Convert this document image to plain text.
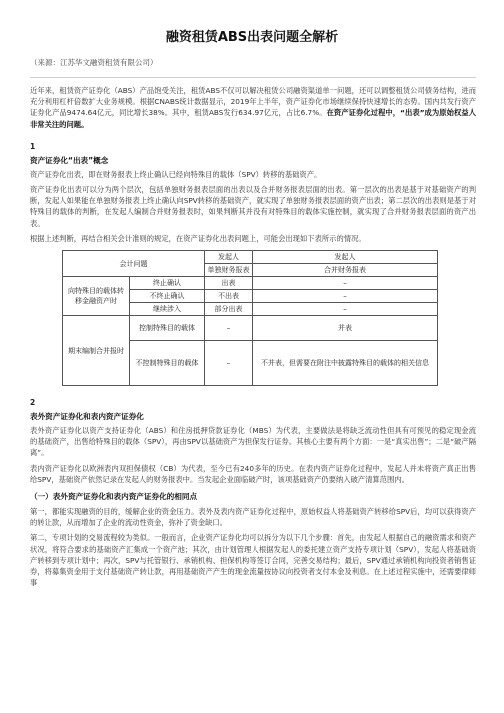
融资租赁ABS出表问题全解析
（来源：江苏华文融资租赁有限公司）

近年来，租赁资产证券化（ABS）产品饱受关注，租赁ABS不仅可以解决租赁公司融资渠道单一问题，还可以调整租赁公司债务结构，进而充分利用杠杆倍数扩大业务规模。根据CNABS统计数据显示，2019年上半年，资产证券化市场继续保持快速增长的态势。国内共发行资产证券化产品9474.64亿元，同比增长38%。其中，租赁ABS发行634.97亿元，占比6.7%。在资产证券化过程中，“出表”成为原始权益人非常关注的问题。

1
资产证券化“出表”概念

资产证券化出表，即在财务报表上终止确认已经向特殊目的载体（SPV）转移的基础资产。

资产证券化出表可以分为两个层次，包括单独财务报表层面的出表以及合并财务报表层面的出表。第一层次的出表是基于对基础资产的判断，发起人如果能在单独财务报表上终止确认向SPV转移的基础资产，就实现了单独财务报表层面的资产出表；第二层次的出表则是基于对特殊目的载体的判断，在发起人编制合并财务报表时，如果判断其并没有对特殊目的载体实施控制，就实现了合并财务报表层面的资产出表。

根据上述判断，再结合相关会计准则的规定，在资产证券化出表问题上，可能会出现如下表所示的情况。

会计问题		发起人	发起人
		单独财务报表	合并财务报表
向特殊目的载体转移金融资产时	终止确认	出表	–
	不终止确认	不出表	–
	继续涉入	部分出表	–
期末编制合并报时	控制特殊目的载体	–	并表
	不控制特殊目的载体	–	不并表，但需要在附注中披露特殊目的载体的相关信息
2
表外资产证券化和表内资产证券化

表外资产证券化以资产支持证券化（ABS）和住房抵押贷款证券化（MBS）为代表，主要做法是将缺乏流动性但具有可预见的稳定现金流的基础资产，出售给特殊目的载体（SPV），再由SPV以基础资产为担保发行证券。其核心主要有两个方面：一是“真实出售”；二是“破产隔离”。

表内资产证券化以欧洲表内双担保债权（CB）为代表，至今已有240多年的历史。在表内资产证券化过程中，发起人并未将资产真正出售给SPV，基础资产依然记录在发起人的财务报表中。当发起企业面临破产时，该项基础资产仍要纳入破产清算范围内。

（一）表外资产证券化和表内资产证券化的相同点

第一，都能实现融资的目的，缓解企业的资金压力。表外及表内资产证券化过程中，原始权益人将基础资产转移给SPV后，均可以获得资产的转让款，从而增加了企业的流动性资金，弥补了资金缺口。

第二，专项计划的交易流程较为类似。一般而言，企业资产证券化均可以拆分为以下几个步骤：首先，由发起人根据自己的融资需求和资产状况，将符合要求的基础资产汇集成一个资产池；其次，由计划管理人根据发起人的委托建立资产支持专项计划（SPV），发起人将基础资产转移到专项计划中；再次，SPV与托管银行、承销机构、担保机构等签订合同，完善交易结构；最后，SPV通过承销机构向投资者销售证券，将募集资金用于支付基础资产转让款，再用基础资产产生的现金流量按协议向投资者支付本金及利息。在上述过程实施中，还需要律师事
